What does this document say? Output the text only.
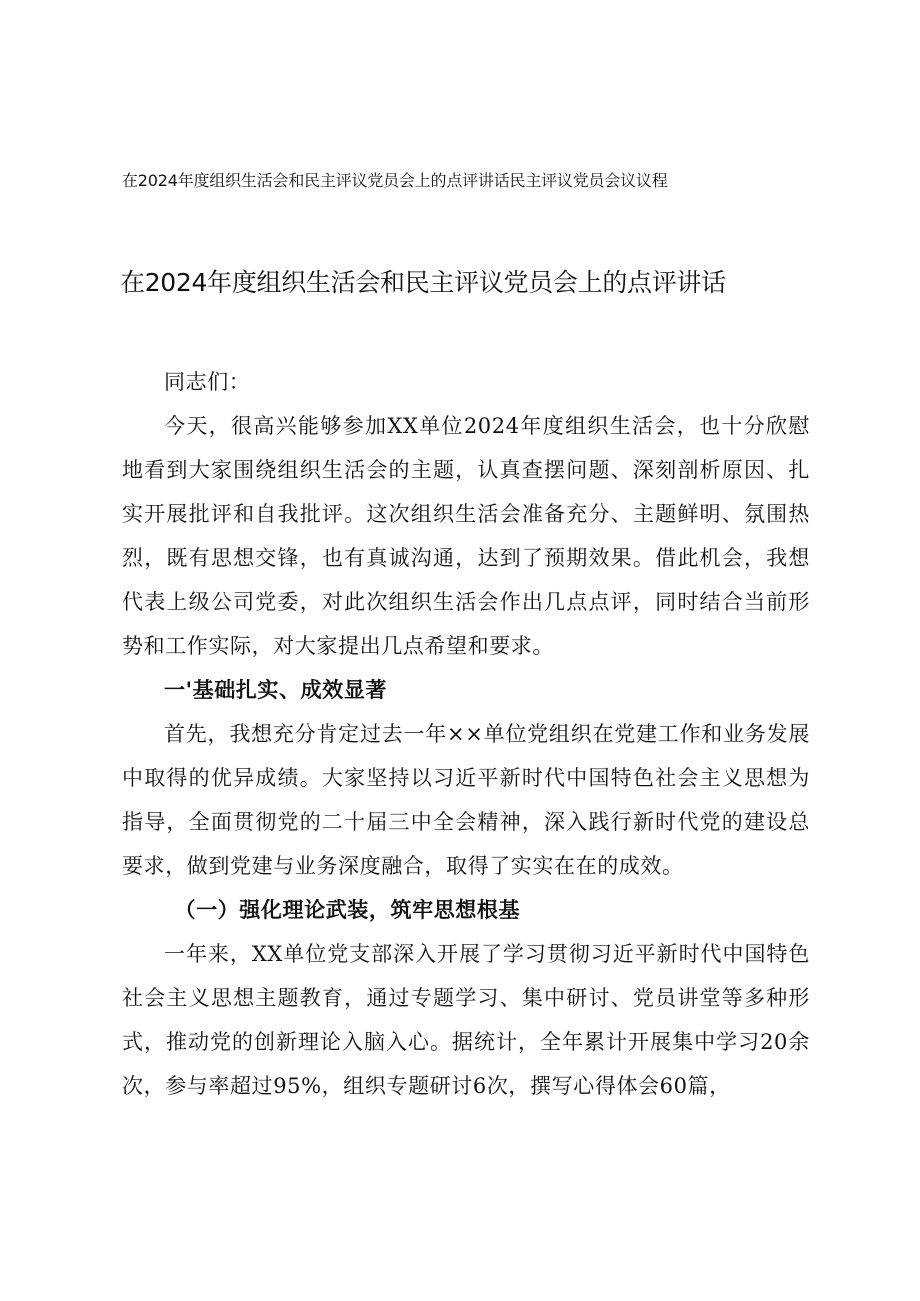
在2024年度组织生活会和民主评议党员会上的点评讲话民主评议党员会议议程
在2024年度组织生活会和民主评议党员会上的点评讲话

同志们：

今天，很高兴能够参加XX单位2024年度组织生活会，也十分欣慰地看到大家围绕组织生活会的主题，认真查摆问题、深刻剖析原因、扎实开展批评和自我批评。这次组织生活会准备充分、主题鲜明、氛围热烈，既有思想交锋，也有真诚沟通，达到了预期效果。借此机会，我想代表上级公司党委，对此次组织生活会作出几点点评，同时结合当前形势和工作实际，对大家提出几点希望和要求。

一'基础扎实、成效显著

首先，我想充分肯定过去一年××单位党组织在党建工作和业务发展中取得的优异成绩。大家坚持以习近平新时代中国特色社会主义思想为指导，全面贯彻党的二十届三中全会精神，深入践行新时代党的建设总要求，做到党建与业务深度融合，取得了实实在在的成效。

（一）强化理论武装，筑牢思想根基

一年来，XX单位党支部深入开展了学习贯彻习近平新时代中国特色社会主义思想主题教育，通过专题学习、集中研讨、党员讲堂等多种形式，推动党的创新理论入脑入心。据统计，全年累计开展集中学习20余次，参与率超过95%，组织专题研讨6次，撰写心得体会60篇，
